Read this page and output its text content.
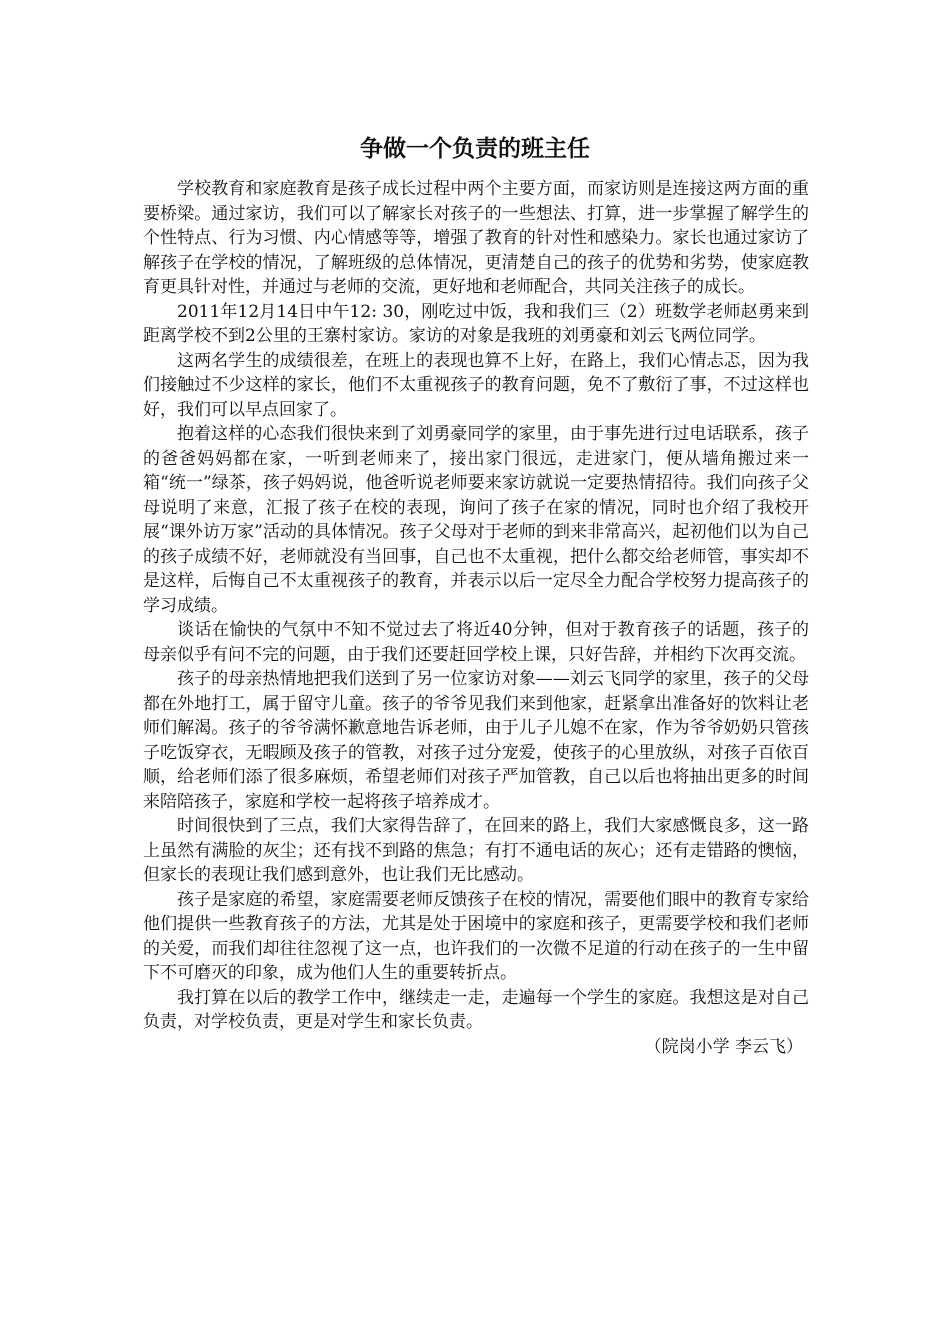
争做一个负责的班主任

学校教育和家庭教育是孩子成长过程中两个主要方面，而家访则是连接这两方面的重要桥梁。通过家访，我们可以了解家长对孩子的一些想法、打算，进一步掌握了解学生的个性特点、行为习惯、内心情感等等，增强了教育的针对性和感染力。家长也通过家访了解孩子在学校的情况，了解班级的总体情况，更清楚自己的孩子的优势和劣势，使家庭教育更具针对性，并通过与老师的交流，更好地和老师配合，共同关注孩子的成长。

2011年12月14日中午12: 30，刚吃过中饭，我和我们三（2）班数学老师赵勇来到距离学校不到2公里的王寨村家访。家访的对象是我班的刘勇豪和刘云飞两位同学。

这两名学生的成绩很差，在班上的表现也算不上好，在路上，我们心情忐忑，因为我们接触过不少这样的家长，他们不太重视孩子的教育问题，免不了敷衍了事，不过这样也好，我们可以早点回家了。

抱着这样的心态我们很快来到了刘勇豪同学的家里，由于事先进行过电话联系，孩子的爸爸妈妈都在家，一听到老师来了，接出家门很远，走进家门，便从墙角搬过来一箱“统一”绿茶，孩子妈妈说，他爸听说老师要来家访就说一定要热情招待。我们向孩子父母说明了来意，汇报了孩子在校的表现，询问了孩子在家的情况，同时也介绍了我校开展“课外访万家”活动的具体情况。孩子父母对于老师的到来非常高兴，起初他们以为自己的孩子成绩不好，老师就没有当回事，自己也不太重视，把什么都交给老师管，事实却不是这样，后悔自己不太重视孩子的教育，并表示以后一定尽全力配合学校努力提高孩子的学习成绩。

谈话在愉快的气氛中不知不觉过去了将近40分钟，但对于教育孩子的话题，孩子的母亲似乎有问不完的问题，由于我们还要赶回学校上课，只好告辞，并相约下次再交流。

孩子的母亲热情地把我们送到了另一位家访对象——刘云飞同学的家里，孩子的父母都在外地打工，属于留守儿童。孩子的爷爷见我们来到他家，赶紧拿出准备好的饮料让老师们解渴。孩子的爷爷满怀歉意地告诉老师，由于儿子儿媳不在家，作为爷爷奶奶只管孩子吃饭穿衣，无暇顾及孩子的管教，对孩子过分宠爱，使孩子的心里放纵，对孩子百依百顺，给老师们添了很多麻烦，希望老师们对孩子严加管教，自己以后也将抽出更多的时间来陪陪孩子，家庭和学校一起将孩子培养成才。

时间很快到了三点，我们大家得告辞了，在回来的路上，我们大家感慨良多，这一路上虽然有满脸的灰尘；还有找不到路的焦急；有打不通电话的灰心；还有走错路的懊恼，但家长的表现让我们感到意外，也让我们无比感动。

孩子是家庭的希望，家庭需要老师反馈孩子在校的情况，需要他们眼中的教育专家给他们提供一些教育孩子的方法，尤其是处于困境中的家庭和孩子，更需要学校和我们老师的关爱，而我们却往往忽视了这一点，也许我们的一次微不足道的行动在孩子的一生中留下不可磨灭的印象，成为他们人生的重要转折点。

我打算在以后的教学工作中，继续走一走，走遍每一个学生的家庭。我想这是对自己负责，对学校负责，更是对学生和家长负责。

（院岗小学 李云飞）
